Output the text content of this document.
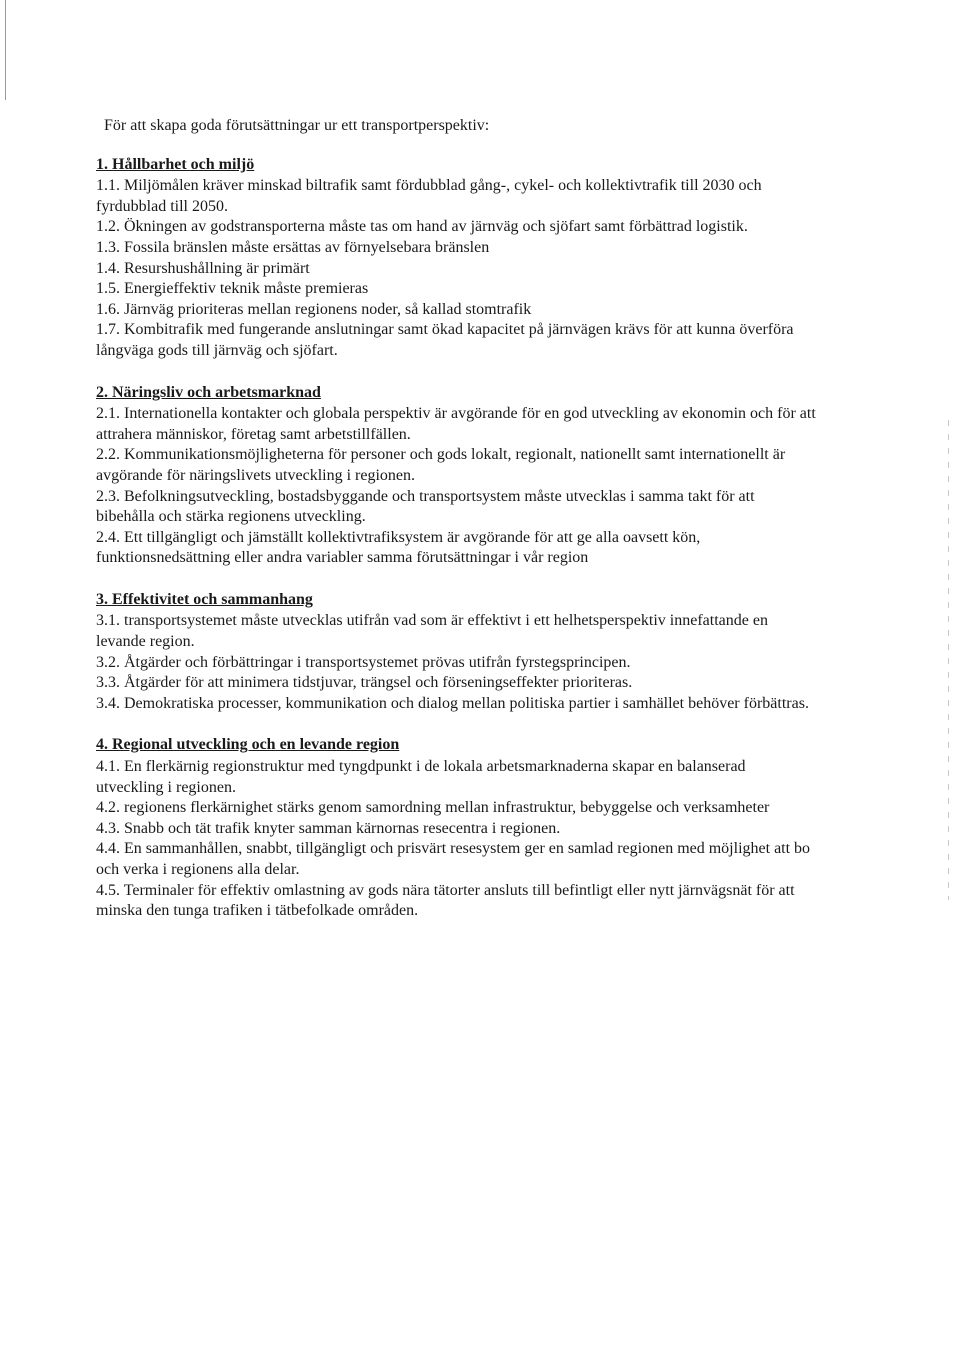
För att skapa goda förutsättningar ur ett transportperspektiv:

1. Hållbarhet och miljö
1.1. Miljömålen kräver minskad biltrafik samt fördubblad gång-, cykel- och kollektivtrafik till 2030 och fyrdubblad till 2050.
1.2. Ökningen av godstransporterna måste tas om hand av järnväg och sjöfart samt förbättrad logistik.
1.3. Fossila bränslen måste ersättas av förnyelsebara bränslen
1.4. Resurshushållning är primärt
1.5. Energieffektiv teknik måste premieras
1.6. Järnväg prioriteras mellan regionens noder, så kallad stomtrafik
1.7. Kombitrafik med fungerande anslutningar samt ökad kapacitet på järnvägen krävs för att kunna överföra långväga gods till järnväg och sjöfart.
2. Näringsliv och arbetsmarknad
2.1. Internationella kontakter och globala perspektiv är avgörande för en god utveckling av ekonomin och för att attrahera människor, företag samt arbetstillfällen.
2.2. Kommunikationsmöjligheterna för personer och gods lokalt, regionalt, nationellt samt internationellt är avgörande för näringslivets utveckling i regionen.
2.3. Befolkningsutveckling, bostadsbyggande och transportsystem måste utvecklas i samma takt för att bibehålla och stärka regionens utveckling.
2.4. Ett tillgängligt och jämställt kollektivtrafiksystem är avgörande för att ge alla oavsett kön, funktionsnedsättning eller andra variabler samma förutsättningar i vår region
3. Effektivitet och sammanhang
3.1. transportsystemet måste utvecklas utifrån vad som är effektivt i ett helhetsperspektiv innefattande en levande region.
3.2. Åtgärder och förbättringar i transportsystemet prövas utifrån fyrstegsprincipen.
3.3. Åtgärder för att minimera tidstjuvar, trängsel och förseningseffekter prioriteras.
3.4. Demokratiska processer, kommunikation och dialog mellan politiska partier i samhället behöver förbättras.
4. Regional utveckling och en levande region
4.1. En flerkärnig regionstruktur med tyngdpunkt i de lokala arbetsmarknaderna skapar en balanserad utveckling i regionen.
4.2. regionens flerkärnighet stärks genom samordning mellan infrastruktur, bebyggelse och verksamheter
4.3. Snabb och tät trafik knyter samman kärnornas resecentra i regionen.
4.4. En sammanhållen, snabbt, tillgängligt och prisvärt resesystem ger en samlad regionen med möjlighet att bo och verka i regionens alla delar.
4.5. Terminaler för effektiv omlastning av gods nära tätorter ansluts till befintligt eller nytt järnvägsnät för att minska den tunga trafiken i tätbefolkade områden.
